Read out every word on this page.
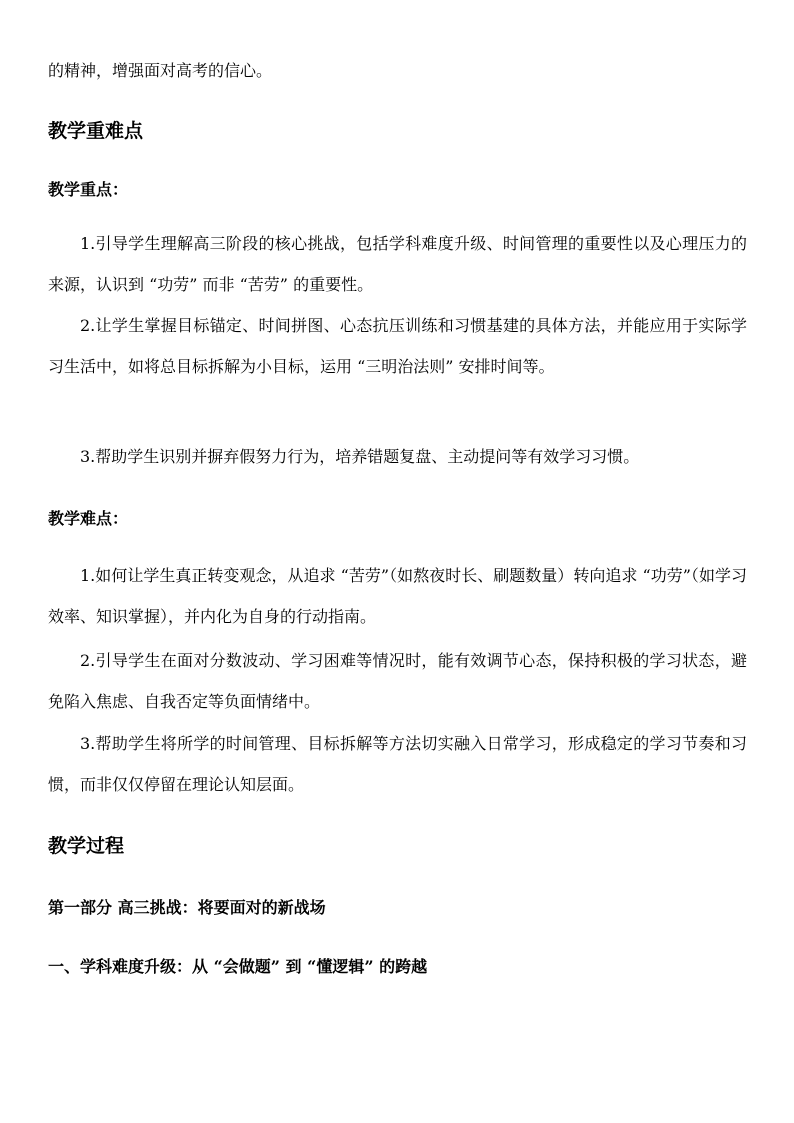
的精神，增强面对高考的信心。

教学重难点
教学重点：

1.引导学生理解高三阶段的核心挑战，包括学科难度升级、时间管理的重要性以及心理压力的来源，认识到 “功劳” 而非 “苦劳” 的重要性。

2.让学生掌握目标锚定、时间拼图、心态抗压训练和习惯基建的具体方法，并能应用于实际学习生活中，如将总目标拆解为小目标，运用 “三明治法则” 安排时间等。

3.帮助学生识别并摒弃假努力行为，培养错题复盘、主动提问等有效学习习惯。

教学难点：

1.如何让学生真正转变观念，从追求 “苦劳”（如熬夜时长、刷题数量）转向追求 “功劳”（如学习效率、知识掌握），并内化为自身的行动指南。

2.引导学生在面对分数波动、学习困难等情况时，能有效调节心态，保持积极的学习状态，避免陷入焦虑、自我否定等负面情绪中。

3.帮助学生将所学的时间管理、目标拆解等方法切实融入日常学习，形成稳定的学习节奏和习惯，而非仅仅停留在理论认知层面。

教学过程
第一部分 高三挑战：将要面对的新战场
一、学科难度升级：从 “会做题” 到 “懂逻辑” 的跨越
